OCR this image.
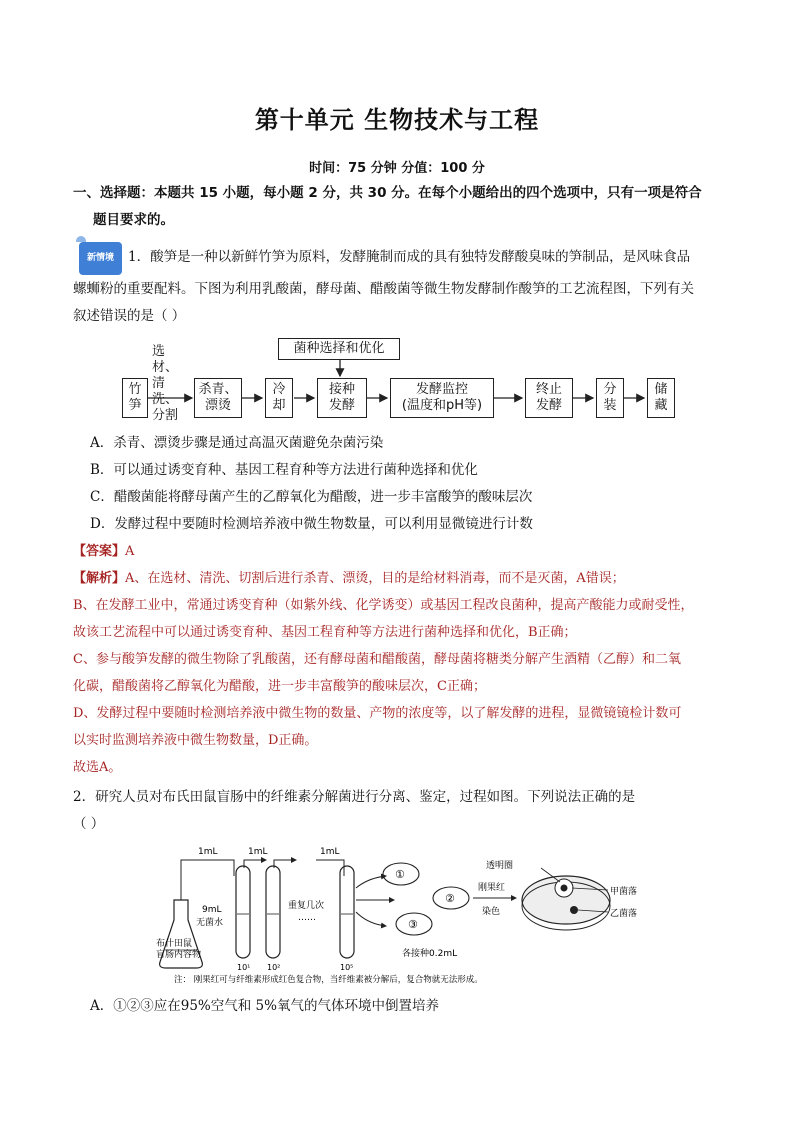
第十单元 生物技术与工程
时间：75 分钟 分值：100 分
一、选择题：本题共 15 小题，每小题 2 分，共 30 分。在每个小题给出的四个选项中，只有一项是符合
题目要求的。
新情境 1．酸笋是一种以新鲜竹笋为原料，发酵腌制而成的具有独特发酵酸臭味的笋制品，是风味食品
螺蛳粉的重要配料。下图为利用乳酸菌，酵母菌、醋酸菌等微生物发酵制作酸笋的工艺流程图，下列有关
叙述错误的是（ ）
菌种选择和优化
选材、
清洗、
分割
竹
笋
杀青、
漂烫
冷
却
接种
发酵
发酵监控
(温度和pH等)
终止
发酵
分
装
储
藏
A．杀青、漂烫步骤是通过高温灭菌避免杂菌污染
B．可以通过诱变育种、基因工程育种等方法进行菌种选择和优化
C．醋酸菌能将酵母菌产生的乙醇氧化为醋酸，进一步丰富酸笋的酸味层次
D．发酵过程中要随时检测培养液中微生物数量，可以利用显微镜进行计数
【答案】A
【解析】A、在选材、清洗、切割后进行杀青、漂烫，目的是给材料消毒，而不是灭菌，A错误；
B、在发酵工业中，常通过诱变育种（如紫外线、化学诱变）或基因工程改良菌种，提高产酸能力或耐受性，
故该工艺流程中可以通过诱变育种、基因工程育种等方法进行菌种选择和优化，B正确；
C、参与酸笋发酵的微生物除了乳酸菌，还有酵母菌和醋酸菌，酵母菌将糖类分解产生酒精（乙醇）和二氧
化碳，醋酸菌将乙醇氧化为醋酸，进一步丰富酸笋的酸味层次，C正确；
D、发酵过程中要随时检测培养液中微生物的数量、产物的浓度等，以了解发酵的进程，显微镜镜检计数可
以实时监测培养液中微生物数量，D正确。
故选A。
2．研究人员对布氏田鼠盲肠中的纤维素分解菌进行分离、鉴定，过程如图。下列说法正确的是
（ ）
1mL	1mL	1mL
9mL
无菌水
重复几次
……
布什田鼠
盲肠内容物
10¹ 10²	10⁵
①
②
③
各接种0.2mL
刚果红
染色
透明圈
甲菌落
乙菌落
注： 刚果红可与纤维素形成红色复合物，当纤维素被分解后，复合物就无法形成。
A．①②③应在95%空气和 5%氧气的气体环境中倒置培养
